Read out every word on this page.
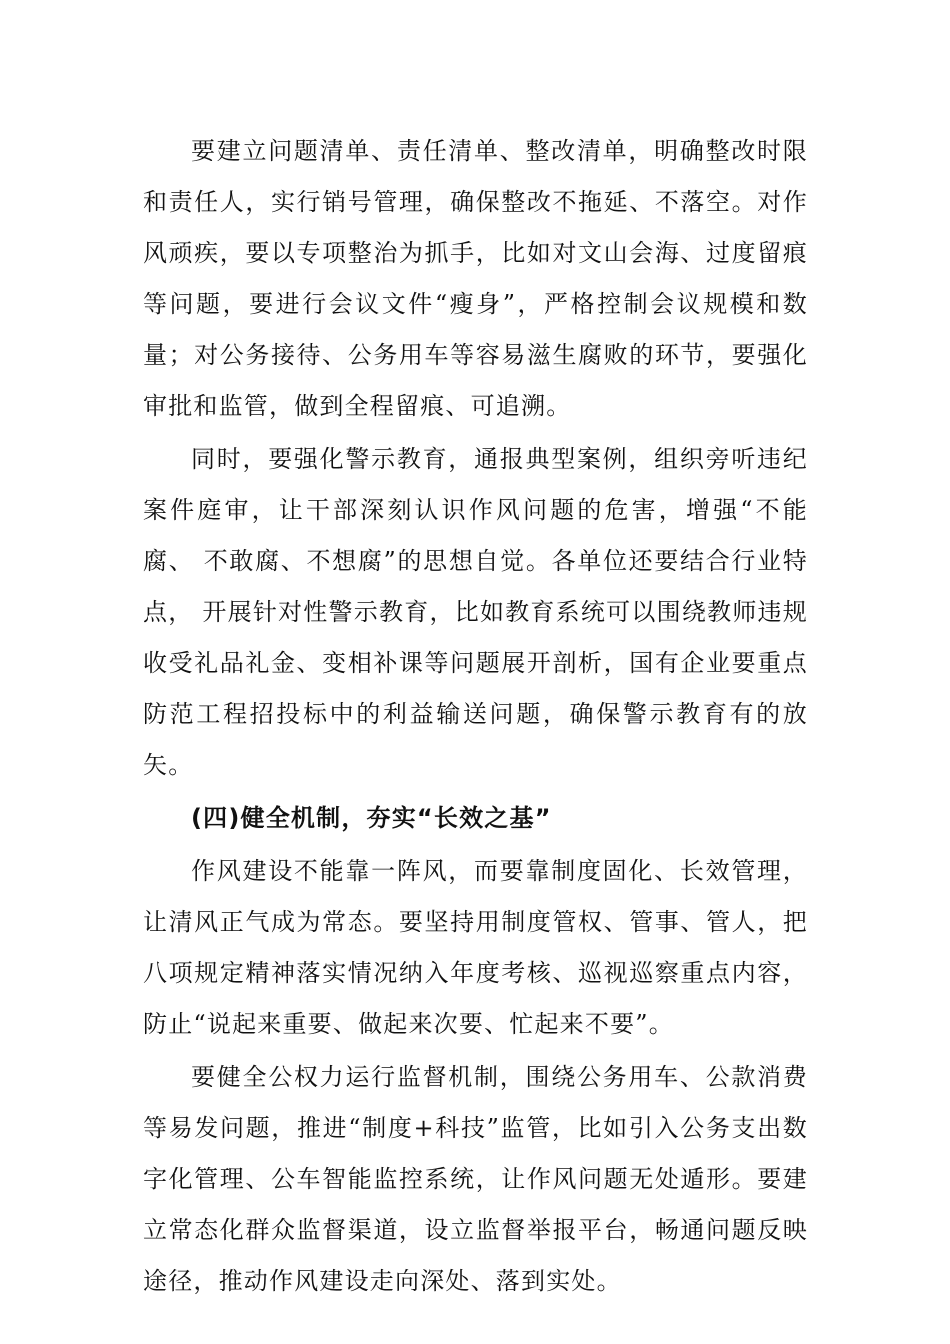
要建立问题清单、责任清单、整改清单，明确整改时限和责任人，实行销号管理，确保整改不拖延、不落空。对作风顽疾，要以专项整治为抓手，比如对文山会海、过度留痕等问题，要进行会议文件“瘦身”，严格控制会议规模和数量；对公务接待、公务用车等容易滋生腐败的环节，要强化审批和监管，做到全程留痕、可追溯。

同时，要强化警示教育，通报典型案例，组织旁听违纪案件庭审，让干部深刻认识作风问题的危害，增强“不能腐、 不敢腐、不想腐”的思想自觉。各单位还要结合行业特点， 开展针对性警示教育，比如教育系统可以围绕教师违规收受礼品礼金、变相补课等问题展开剖析，国有企业要重点防范工程招投标中的利益输送问题，确保警示教育有的放矢。

(四)健全机制，夯实“长效之基”

作风建设不能靠一阵风，而要靠制度固化、长效管理， 让清风正气成为常态。要坚持用制度管权、管事、管人，把八项规定精神落实情况纳入年度考核、巡视巡察重点内容， 防止“说起来重要、做起来次要、忙起来不要”。

要健全公权力运行监督机制，围绕公务用车、公款消费等易发问题，推进“制度+科技”监管，比如引入公务支出数字化管理、公车智能监控系统，让作风问题无处遁形。要建立常态化群众监督渠道，设立监督举报平台，畅通问题反映途径，推动作风建设走向深处、落到实处。
